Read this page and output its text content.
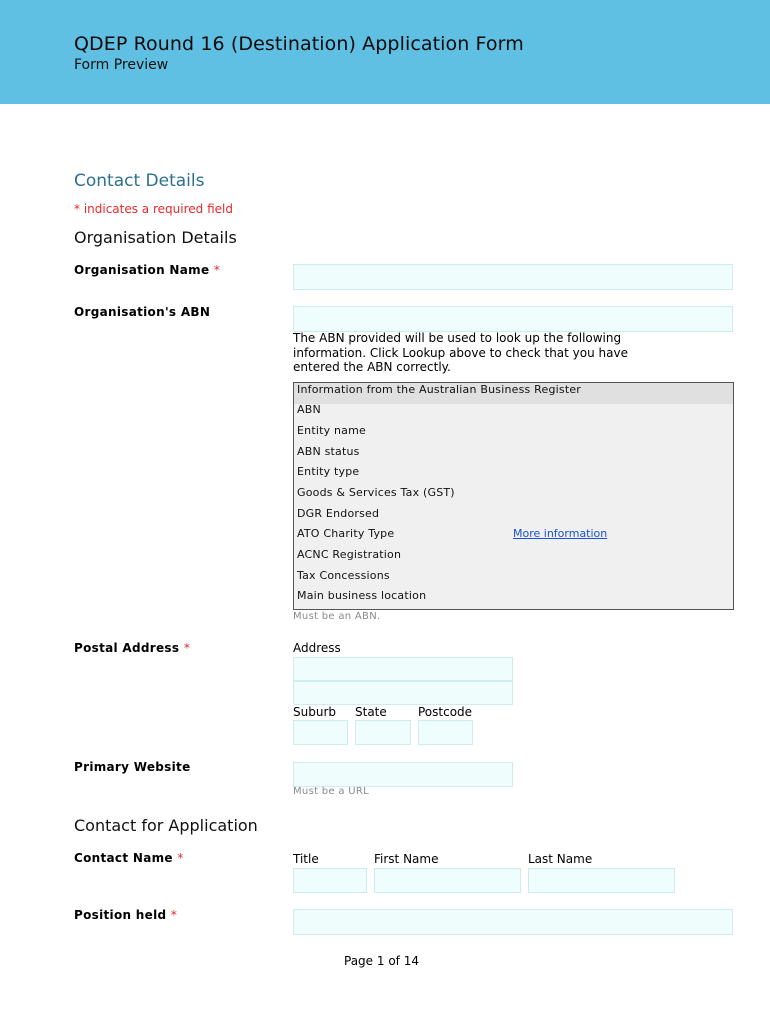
QDEP Round 16 (Destination) Application Form
Form Preview
Contact Details
* indicates a required field
Organisation Details
Organisation Name *
Organisation's ABN
The ABN provided will be used to look up the following
information. Click Lookup above to check that you have
entered the ABN correctly.
Information from the Australian Business Register
ABN
Entity name
ABN status
Entity type
Goods & Services Tax (GST)
DGR Endorsed
ATO Charity Type	More information
ACNC Registration
Tax Concessions
Main business location
Must be an ABN.
Postal Address *	Address
Suburb State	Postcode
Primary Website
Must be a URL
Contact for Application
Contact Name *	Title	First Name	Last Name
Position held *
Page 1 of 14
